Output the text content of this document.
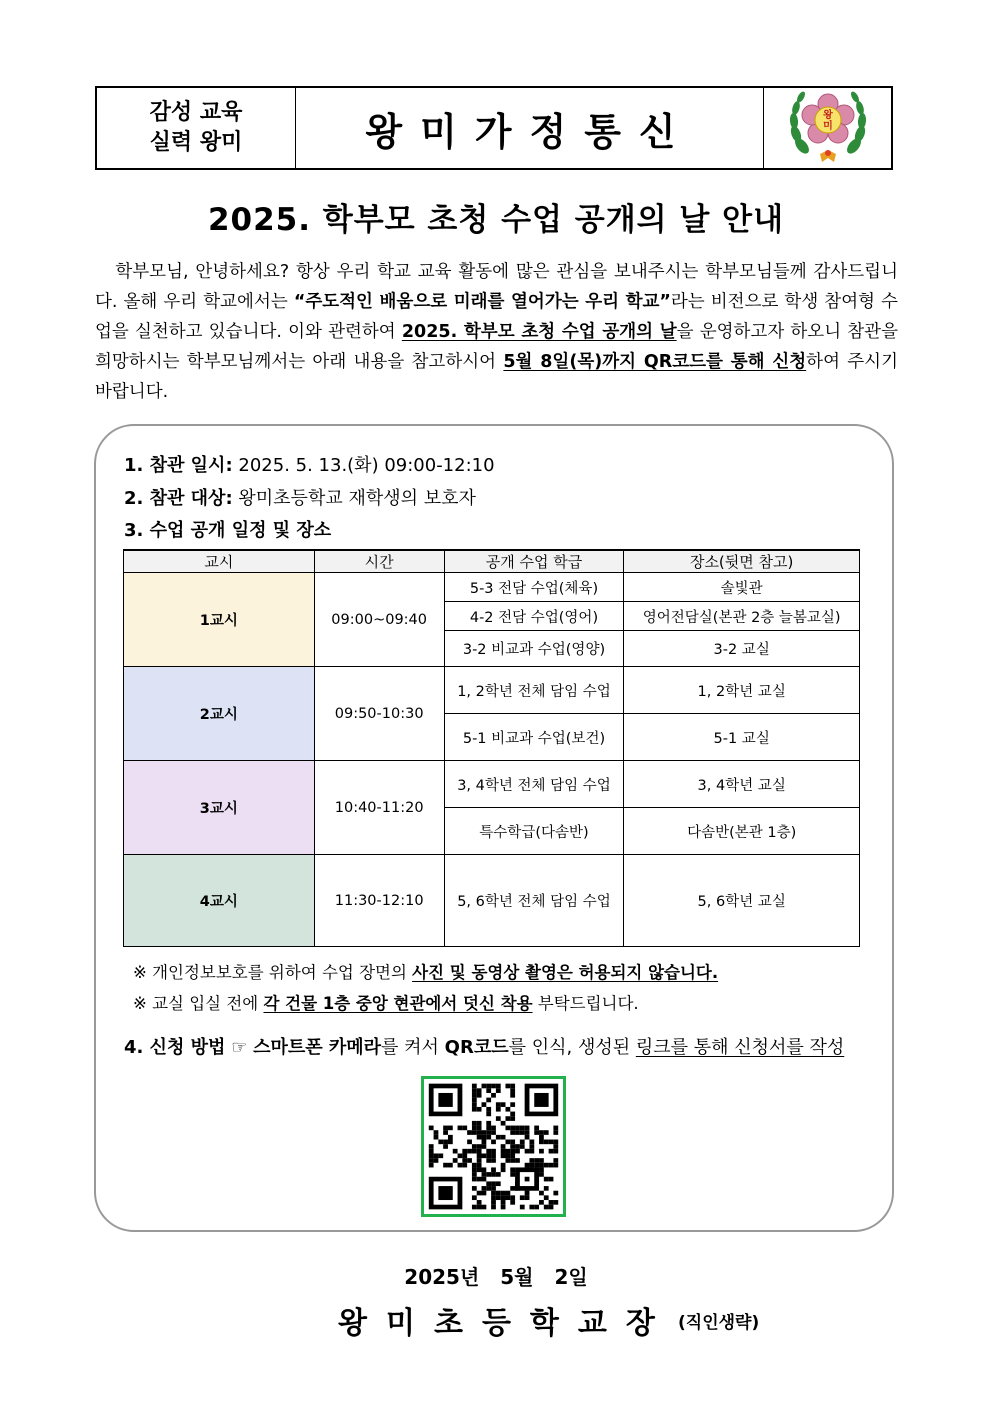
감성 교육
실력 왕미	왕미가정통신	왕
미
2025. 학부모 초청 수업 공개의 날 안내

학부모님, 안녕하세요? 항상 우리 학교 교육 활동에 많은 관심을 보내주시는 학부모님들께 감사드립니다. 올해 우리 학교에서는 “주도적인 배움으로 미래를 열어가는 우리 학교”라는 비전으로 학생 참여형 수업을 실천하고 있습니다. 이와 관련하여 2025. 학부모 초청 수업 공개의 날을 운영하고자 하오니 참관을 희망하시는 학부모님께서는 아래 내용을 참고하시어 5월 8일(목)까지 QR코드를 통해 신청하여 주시기 바랍니다.

1. 참관 일시: 2025. 5. 13.(화) 09:00-12:10
2. 참관 대상: 왕미초등학교 재학생의 보호자
3. 수업 공개 일정 및 장소
교시	시간	공개 수업 학급	장소(뒷면 참고)
1교시	09:00~09:40	5-3 전담 수업(체육)	솔빛관
		4-2 전담 수업(영어)	영어전담실(본관 2층 늘봄교실)
		3-2 비교과 수업(영양)	3-2 교실
2교시	09:50-10:30	1, 2학년 전체 담임 수업	1, 2학년 교실
		5-1 비교과 수업(보건)	5-1 교실
3교시	10:40-11:20	3, 4학년 전체 담임 수업	3, 4학년 교실
		특수학급(다솜반)	다솜반(본관 1층)
4교시	11:30-12:10	5, 6학년 전체 담임 수업	5, 6학년 교실
※ 개인정보보호를 위하여 수업 장면의 사진 및 동영상 촬영은 허용되지 않습니다.
※ 교실 입실 전에 각 건물 1층 중앙 현관에서 덧신 착용 부탁드립니다.
4. 신청 방법 ☞ 스마트폰 카메라를 켜서 QR코드를 인식, 생성된 링크를 통해 신청서를 작성
2025년 5월 2일
왕미초등학교장 (직인생략)
